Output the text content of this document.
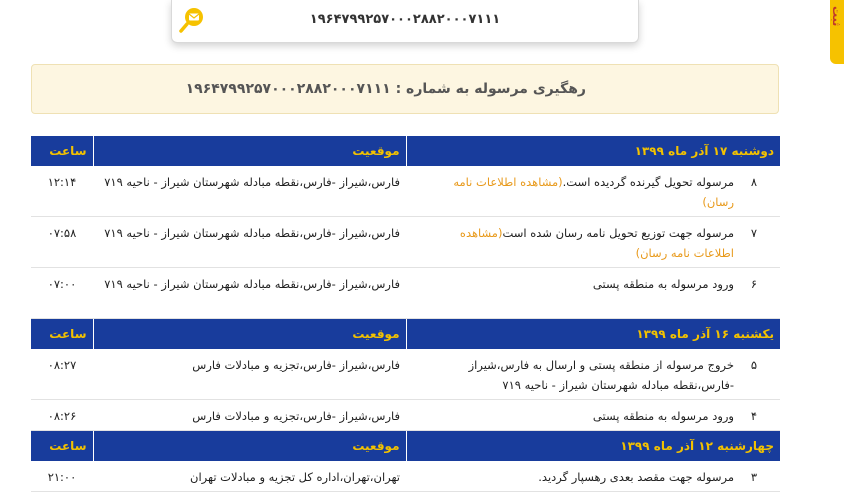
۱۹۶۴۷۹۹۲۵۷۰۰۰۲۸۸۲۰۰۰۷۱۱۱	ثبت
رهگیری مرسوله به شماره : ۱۹۶۴۷۹۹۲۵۷۰۰۰۲۸۸۲۰۰۰۷۱۱۱
دوشنبه ۱۷ آذر ماه ۱۳۹۹	موقعیت	ساعت
۸مرسوله تحویل گیرنده گردیده است.(مشاهده اطلاعات نامه رسان)	فارس،شیراز -فارس،نقطه مبادله شهرستان شیراز - ناحیه ۷۱۹	۱۲:۱۴
۷مرسوله جهت توزیع تحویل نامه رسان شده است(مشاهده اطلاعات نامه رسان)	فارس،شیراز -فارس،نقطه مبادله شهرستان شیراز - ناحیه ۷۱۹	۰۷:۵۸
۶ورود مرسوله به منطقه پستی	فارس،شیراز -فارس،نقطه مبادله شهرستان شیراز - ناحیه ۷۱۹	۰۷:۰۰
یکشنبه ۱۶ آذر ماه ۱۳۹۹	موقعیت	ساعت
۵خروج مرسوله از منطقه پستی و ارسال به فارس،شیراز -فارس،نقطه مبادله شهرستان شیراز - ناحیه ۷۱۹	فارس،شیراز -فارس،تجزیه و مبادلات فارس	۰۸:۲۷
۴ورود مرسوله به منطقه پستی	فارس،شیراز -فارس،تجزیه و مبادلات فارس	۰۸:۲۶
چهارشنبه ۱۲ آذر ماه ۱۳۹۹	موقعیت	ساعت
۳مرسوله جهت مقصد بعدی رهسپار گردید.	تهران،تهران،اداره کل تجزیه و مبادلات تهران	۲۱:۰۰
